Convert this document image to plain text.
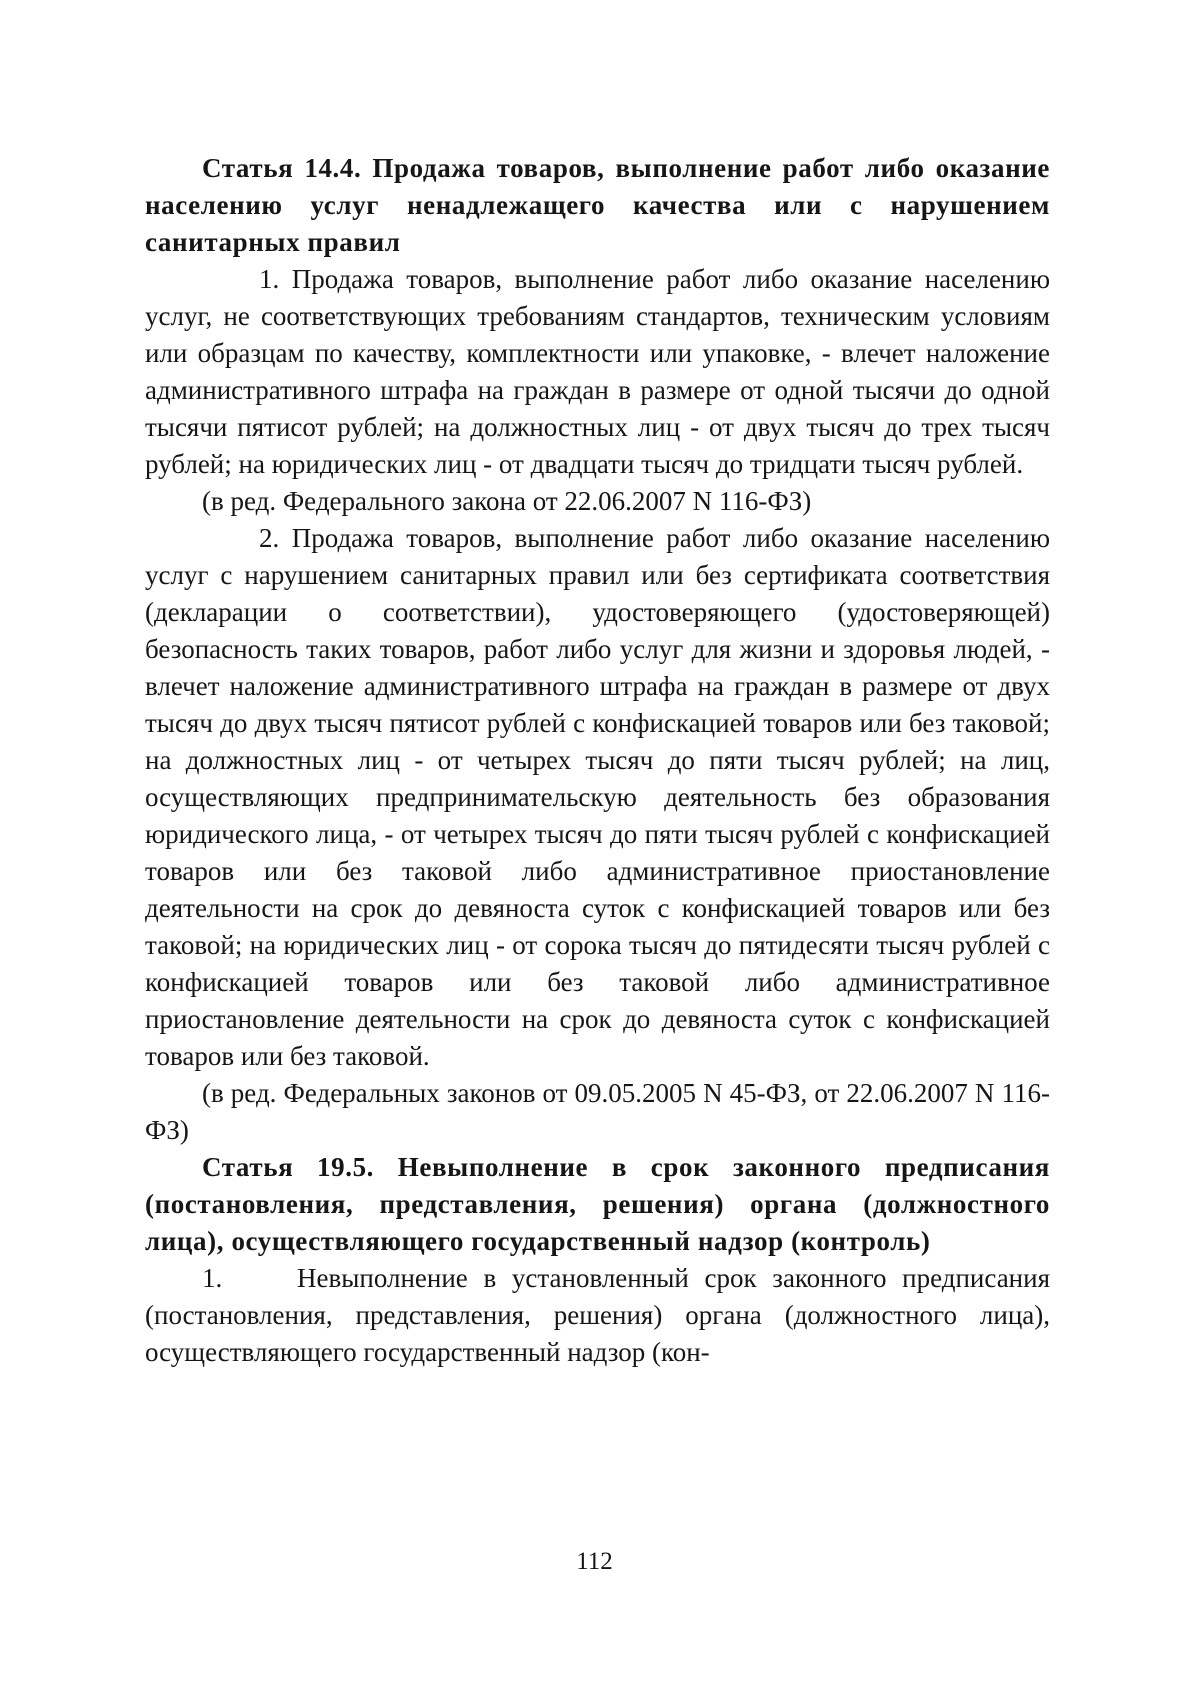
Статья 14.4. Продажа товаров, выполнение работ либо оказание населению услуг ненадлежащего качества или с нарушением санитарных правил

1. Продажа товаров, выполнение работ либо оказание населению услуг, не соответствующих требованиям стандартов, техническим условиям или образцам по качеству, комплектности или упаковке, - влечет наложение административного штрафа на граждан в размере от одной тысячи до одной тысячи пятисот рублей; на должностных лиц - от двух тысяч до трех тысяч рублей; на юридических лиц - от двадцати тысяч до тридцати тысяч рублей.

(в ред. Федерального закона от 22.06.2007 N 116-ФЗ)

2. Продажа товаров, выполнение работ либо оказание населению услуг с нарушением санитарных правил или без сертификата соответствия (декларации о соответствии), удостоверяющего (удостоверяющей) безопасность таких товаров, работ либо услуг для жизни и здоровья людей, - влечет наложение административного штрафа на граждан в размере от двух тысяч до двух тысяч пятисот рублей с конфискацией товаров или без таковой; на должностных лиц - от четырех тысяч до пяти тысяч рублей; на лиц, осуществляющих предпринимательскую деятельность без образования юридического лица, - от четырех тысяч до пяти тысяч рублей с конфискацией товаров или без таковой либо административное приостановление деятельности на срок до девяноста суток с конфискацией товаров или без таковой; на юридических лиц - от сорока тысяч до пятидесяти тысяч рублей с конфискацией товаров или без таковой либо административное приостановление деятельности на срок до девяноста суток с конфискацией товаров или без таковой.

(в ред. Федеральных законов от 09.05.2005 N 45-ФЗ, от 22.06.2007 N 116-ФЗ)

Статья 19.5. Невыполнение в срок законного предписания (постановления, представления, решения) органа (должностного лица), осуществляющего государственный надзор (контроль)

1.	Невыполнение в установленный срок законного предписания (постановления, представления, решения) органа (должностного лица), осуществляющего государственный надзор (кон-

112
